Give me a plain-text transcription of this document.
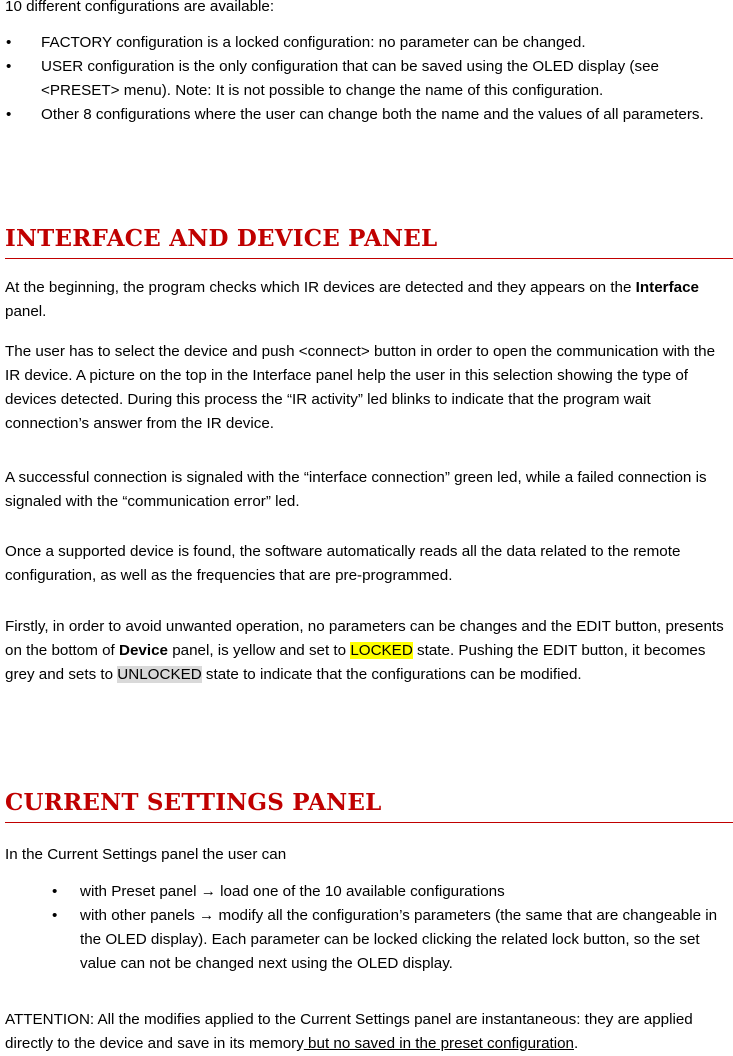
10 different configurations are available:

• FACTORY configuration is a locked configuration: no parameter can be changed.
• USER configuration is the only configuration that can be saved using the OLED display (see <PRESET> menu). Note: It is not possible to change the name of this configuration.
• Other 8 configurations where the user can change both the name and the values of all parameters.
INTERFACE AND DEVICE PANEL

At the beginning, the program checks which IR devices are detected and they appears on the Interface panel.

The user has to select the device and push <connect> button in order to open the communication with the IR device. A picture on the top in the Interface panel help the user in this selection showing the type of devices detected. During this process the “IR activity” led blinks to indicate that the program wait connection’s answer from the IR device.

A successful connection is signaled with the “interface connection” green led, while a failed connection is signaled with the “communication error” led.

Once a supported device is found, the software automatically reads all the data related to the remote configuration, as well as the frequencies that are pre-programmed.

Firstly, in order to avoid unwanted operation, no parameters can be changes and the EDIT button, presents on the bottom of Device panel, is yellow and set to LOCKED state. Pushing the EDIT button, it becomes grey and sets to UNLOCKED state to indicate that the configurations can be modified.

CURRENT SETTINGS PANEL

In the Current Settings panel the user can

• with Preset panel → load one of the 10 available configurations
• with other panels → modify all the configuration’s parameters (the same that are changeable in the OLED display). Each parameter can be locked clicking the related lock button, so the set value can not be changed next using the OLED display.

ATTENTION: All the modifies applied to the Current Settings panel are instantaneous: they are applied directly to the device and save in its memory but no saved in the preset configuration.
